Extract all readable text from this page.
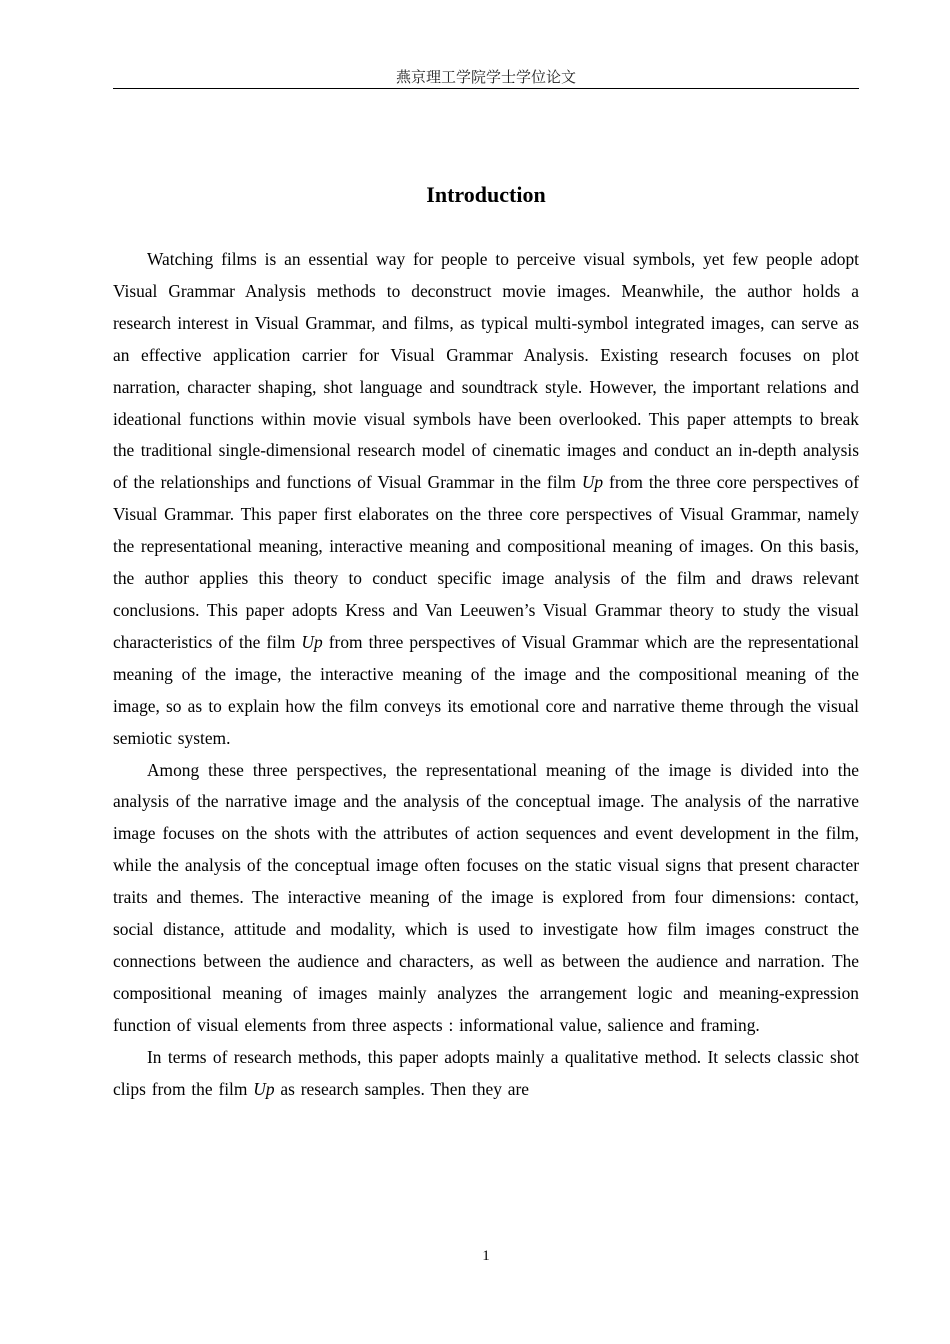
燕京理工学院学士学位论文
Introduction

Watching films is an essential way for people to perceive visual symbols, yet few people adopt Visual Grammar Analysis methods to deconstruct movie images. Meanwhile, the author holds a research interest in Visual Grammar, and films, as typical multi-symbol integrated images, can serve as an effective application carrier for Visual Grammar Analysis. Existing research focuses on plot narration, character shaping, shot language and soundtrack style. However, the important relations and ideational functions within movie visual symbols have been overlooked. This paper attempts to break the traditional single-dimensional research model of cinematic images and conduct an in-depth analysis of the relationships and functions of Visual Grammar in the film Up from the three core perspectives of Visual Grammar. This paper first elaborates on the three core perspectives of Visual Grammar, namely the representational meaning, interactive meaning and compositional meaning of images. On this basis, the author applies this theory to conduct specific image analysis of the film and draws relevant conclusions. This paper adopts Kress and Van Leeuwen’s Visual Grammar theory to study the visual characteristics of the film Up from three perspectives of Visual Grammar which are the representational meaning of the image, the interactive meaning of the image and the compositional meaning of the image, so as to explain how the film conveys its emotional core and narrative theme through the visual semiotic system.

Among these three perspectives, the representational meaning of the image is divided into the analysis of the narrative image and the analysis of the conceptual image. The analysis of the narrative image focuses on the shots with the attributes of action sequences and event development in the film, while the analysis of the conceptual image often focuses on the static visual signs that present character traits and themes. The interactive meaning of the image is explored from four dimensions: contact, social distance, attitude and modality, which is used to investigate how film images construct the connections between the audience and characters, as well as between the audience and narration. The compositional meaning of images mainly analyzes the arrangement logic and meaning-expression function of visual elements from three aspects : informational value, salience and framing.

In terms of research methods, this paper adopts mainly a qualitative method. It selects classic shot clips from the film Up as research samples. Then they are

1
